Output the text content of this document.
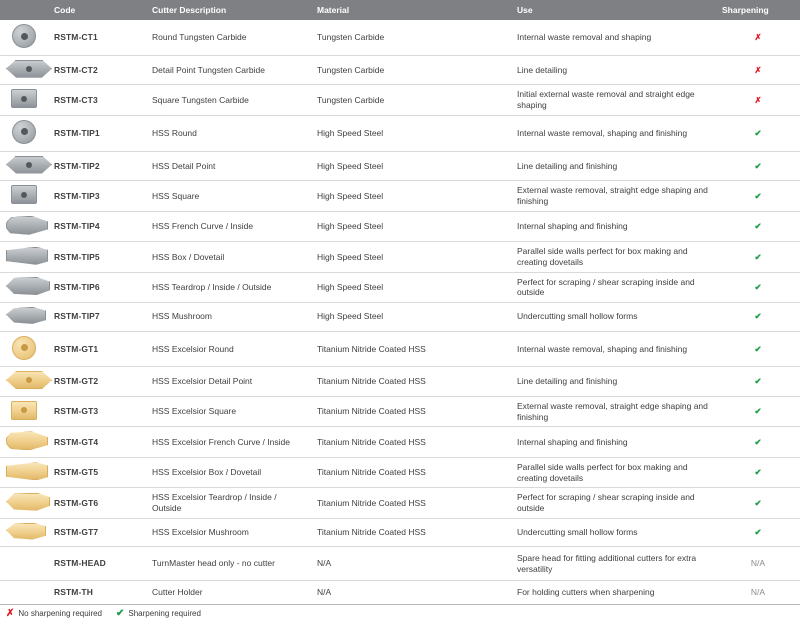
	Code	Cutter Description	Material	Use	Sharpening

	RSTM-CT1	Round Tungsten Carbide	Tungsten Carbide	Internal waste removal and shaping	✗

	RSTM-CT2	Detail Point Tungsten Carbide	Tungsten Carbide	Line detailing	✗

	RSTM-CT3	Square Tungsten Carbide	Tungsten Carbide	Initial external waste removal and straight edge shaping	✗

	RSTM-TIP1	HSS Round	High Speed Steel	Internal waste removal, shaping and finishing	✔

	RSTM-TIP2	HSS Detail Point	High Speed Steel	Line detailing and finishing	✔

	RSTM-TIP3	HSS Square	High Speed Steel	External waste removal, straight edge shaping and finishing	✔
	RSTM-TIP4	HSS French Curve / Inside	High Speed Steel	Internal shaping and finishing	✔
	RSTM-TIP5	HSS Box / Dovetail	High Speed Steel	Parallel side walls perfect for box making and creating dovetails	✔
	RSTM-TIP6	HSS Teardrop / Inside / Outside	High Speed Steel	Perfect for scraping / shear scraping inside and outside	✔
	RSTM-TIP7	HSS Mushroom	High Speed Steel	Undercutting small hollow forms	✔

	RSTM-GT1	HSS Excelsior Round	Titanium Nitride Coated HSS	Internal waste removal, shaping and finishing	✔

	RSTM-GT2	HSS Excelsior Detail Point	Titanium Nitride Coated HSS	Line detailing and finishing	✔

	RSTM-GT3	HSS Excelsior Square	Titanium Nitride Coated HSS	External waste removal, straight edge shaping and finishing	✔
	RSTM-GT4	HSS Excelsior French Curve / Inside	Titanium Nitride Coated HSS	Internal shaping and finishing	✔
	RSTM-GT5	HSS Excelsior Box / Dovetail	Titanium Nitride Coated HSS	Parallel side walls perfect for box making and creating dovetails	✔
	RSTM-GT6	HSS Excelsior Teardrop / Inside / Outside	Titanium Nitride Coated HSS	Perfect for scraping / shear scraping inside and outside	✔
	RSTM-GT7	HSS Excelsior Mushroom	Titanium Nitride Coated HSS	Undercutting small hollow forms	✔
	RSTM-HEAD	TurnMaster head only - no cutter	N/A	Spare head for fitting additional cutters for extra versatility	N/A
	RSTM-TH	Cutter Holder	N/A	For holding cutters when sharpening	N/A
✗ No sharpening required ✔ Sharpening required
